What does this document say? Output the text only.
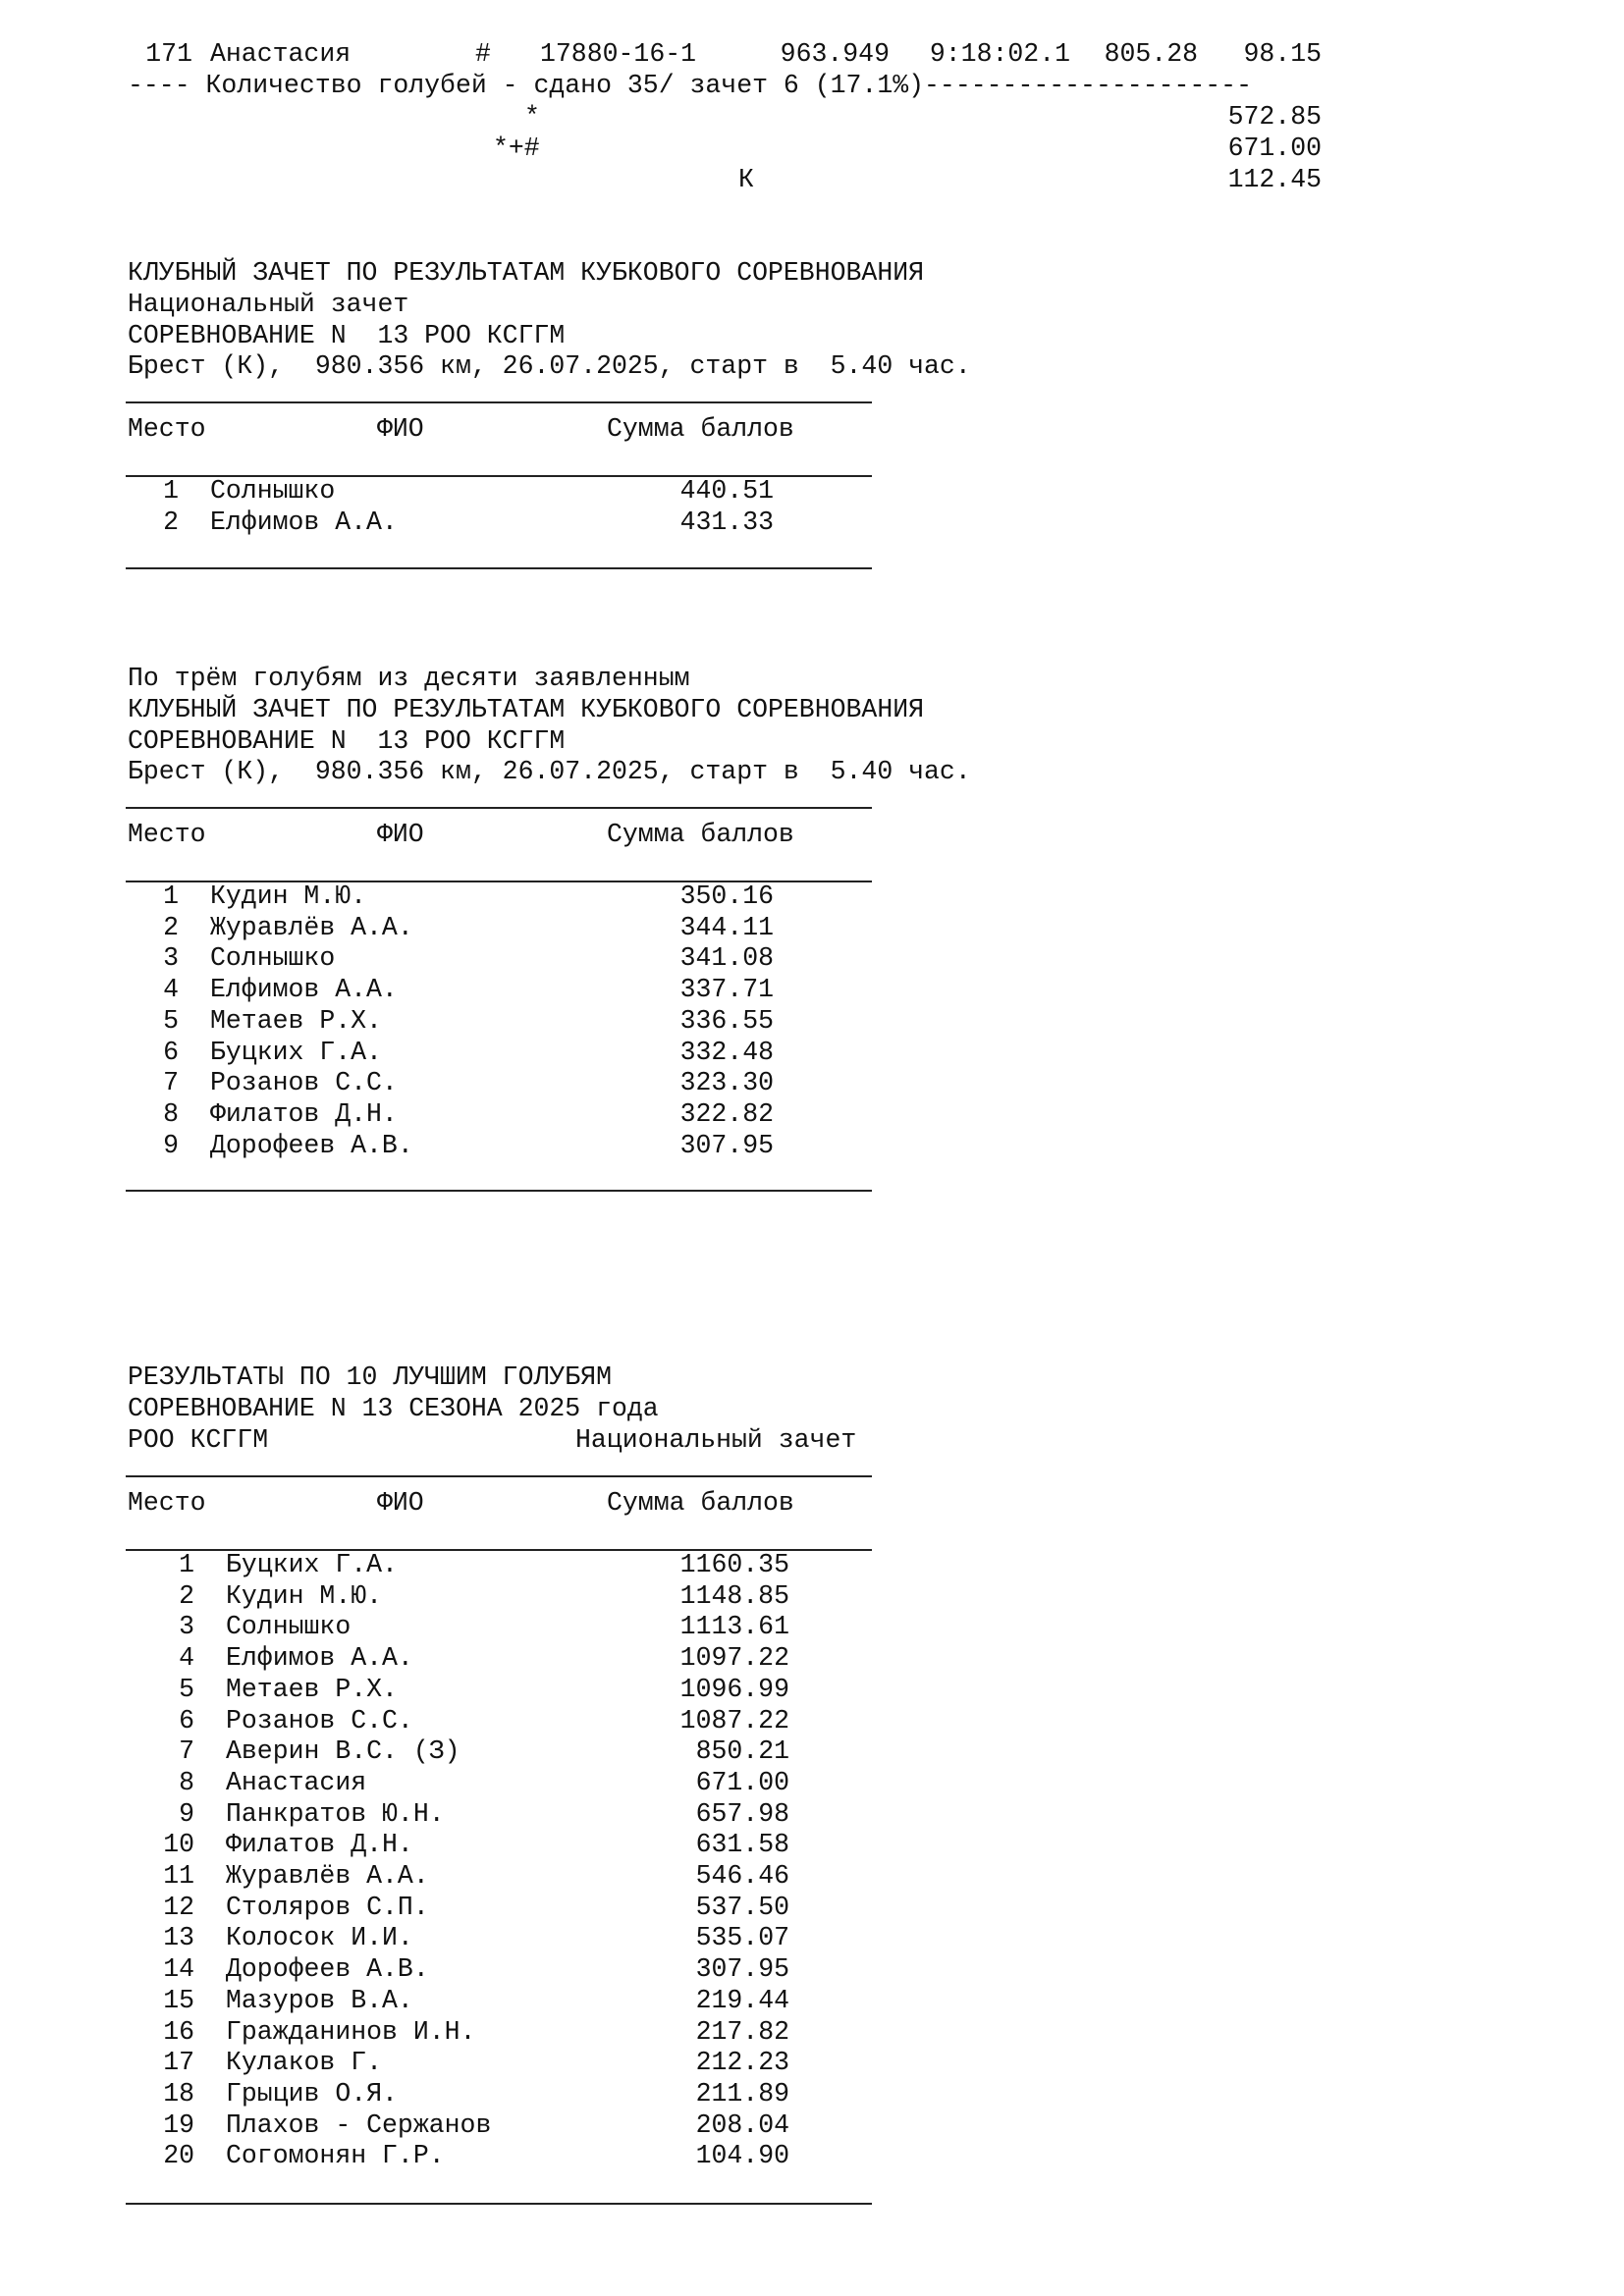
171 Анастасия	# 17880-16-1	963.949	9:18:02.1	805.28	98.15
---- Количество голубей - сдано 35/ зачет 6 (17.1%)---------------------
*	572.85
*+#	671.00
К	112.45
КЛУБНЫЙ ЗАЧЕТ ПО РЕЗУЛЬТАТАМ КУБКОВОГО СОРЕВНОВАНИЯ
Национальный зачет
СОРЕВНОВАНИЕ N  13 РОО КСГГМ
Брест (К),  980.356 км, 26.07.2025, старт в  5.40 час.
Место	ФИО	Сумма баллов
1 Солнышко	440.51
2 Елфимов А.А.	431.33
По трём голубям из десяти заявленным
КЛУБНЫЙ ЗАЧЕТ ПО РЕЗУЛЬТАТАМ КУБКОВОГО СОРЕВНОВАНИЯ
СОРЕВНОВАНИЕ N  13 РОО КСГГМ
Брест (К),  980.356 км, 26.07.2025, старт в  5.40 час.
Место	ФИО	Сумма баллов
1 Кудин М.Ю.	350.16
2 Журавлёв А.А.	344.11
3 Солнышко	341.08
4 Елфимов А.А.	337.71
5 Метаев Р.Х.	336.55
6 Буцких Г.А.	332.48
7 Розанов С.С.	323.30
8 Филатов Д.Н.	322.82
9 Дорофеев А.В.	307.95
РЕЗУЛЬТАТЫ ПО 10 ЛУЧШИМ ГОЛУБЯМ
СОРЕВНОВАНИЕ N 13 СЕЗОНА 2025 года
РОО КСГГМ	Национальный зачет
Место	ФИО	Сумма баллов
1 Буцких Г.А.	1160.35
2 Кудин М.Ю.	1148.85
3 Солнышко	1113.61
4 Елфимов А.А.	1097.22
5 Метаев Р.Х.	1096.99
6 Розанов С.С.	1087.22
7 Аверин В.С. (З)	850.21
8 Анастасия	671.00
9 Панкратов Ю.Н.	657.98
10 Филатов Д.Н.	631.58
11 Журавлёв А.А.	546.46
12 Столяров С.П.	537.50
13 Колосок И.И.	535.07
14 Дорофеев А.В.	307.95
15 Мазуров В.А.	219.44
16 Гражданинов И.Н.	217.82
17 Кулаков Г.	212.23
18 Грыцив О.Я.	211.89
19 Плахов - Сержанов	208.04
20 Согомонян Г.Р.	104.90
